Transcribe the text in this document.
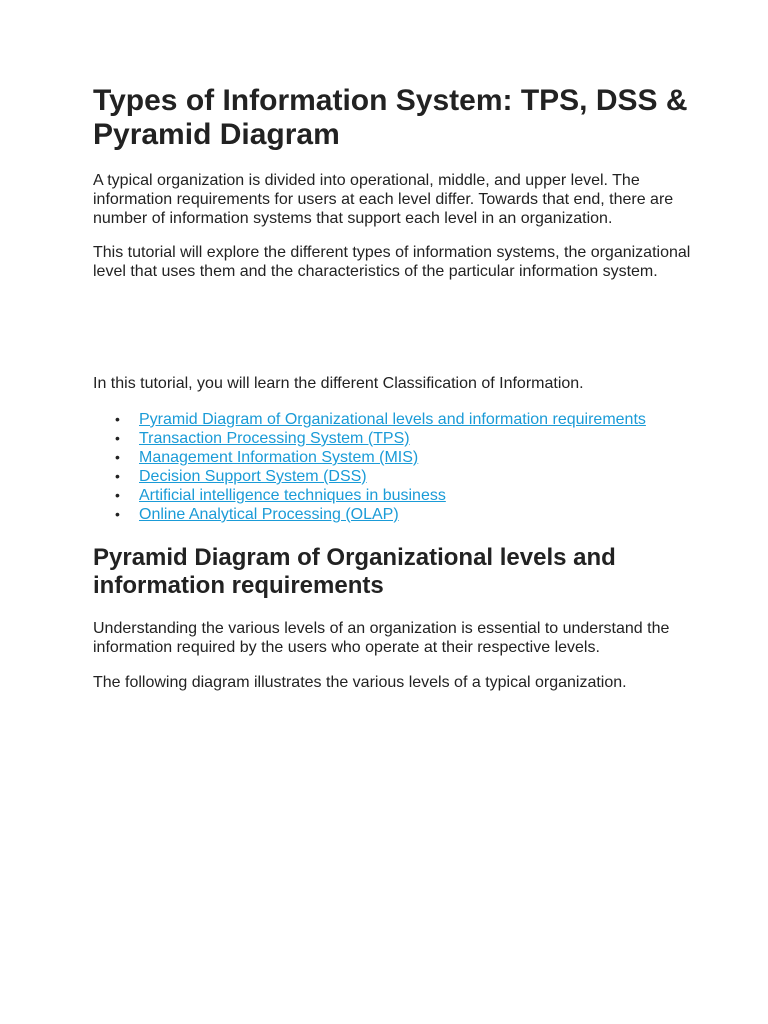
Types of Information System: TPS, DSS & Pyramid Diagram

A typical organization is divided into operational, middle, and upper level. The information requirements for users at each level differ. Towards that end, there are number of information systems that support each level in an organization.

This tutorial will explore the different types of information systems, the organizational level that uses them and the characteristics of the particular information system.

In this tutorial, you will learn the different Classification of Information.

• Pyramid Diagram of Organizational levels and information requirements
• Transaction Processing System (TPS)
• Management Information System (MIS)
• Decision Support System (DSS)
• Artificial intelligence techniques in business
• Online Analytical Processing (OLAP)
Pyramid Diagram of Organizational levels and information requirements

Understanding the various levels of an organization is essential to understand the information required by the users who operate at their respective levels.

The following diagram illustrates the various levels of a typical organization.
